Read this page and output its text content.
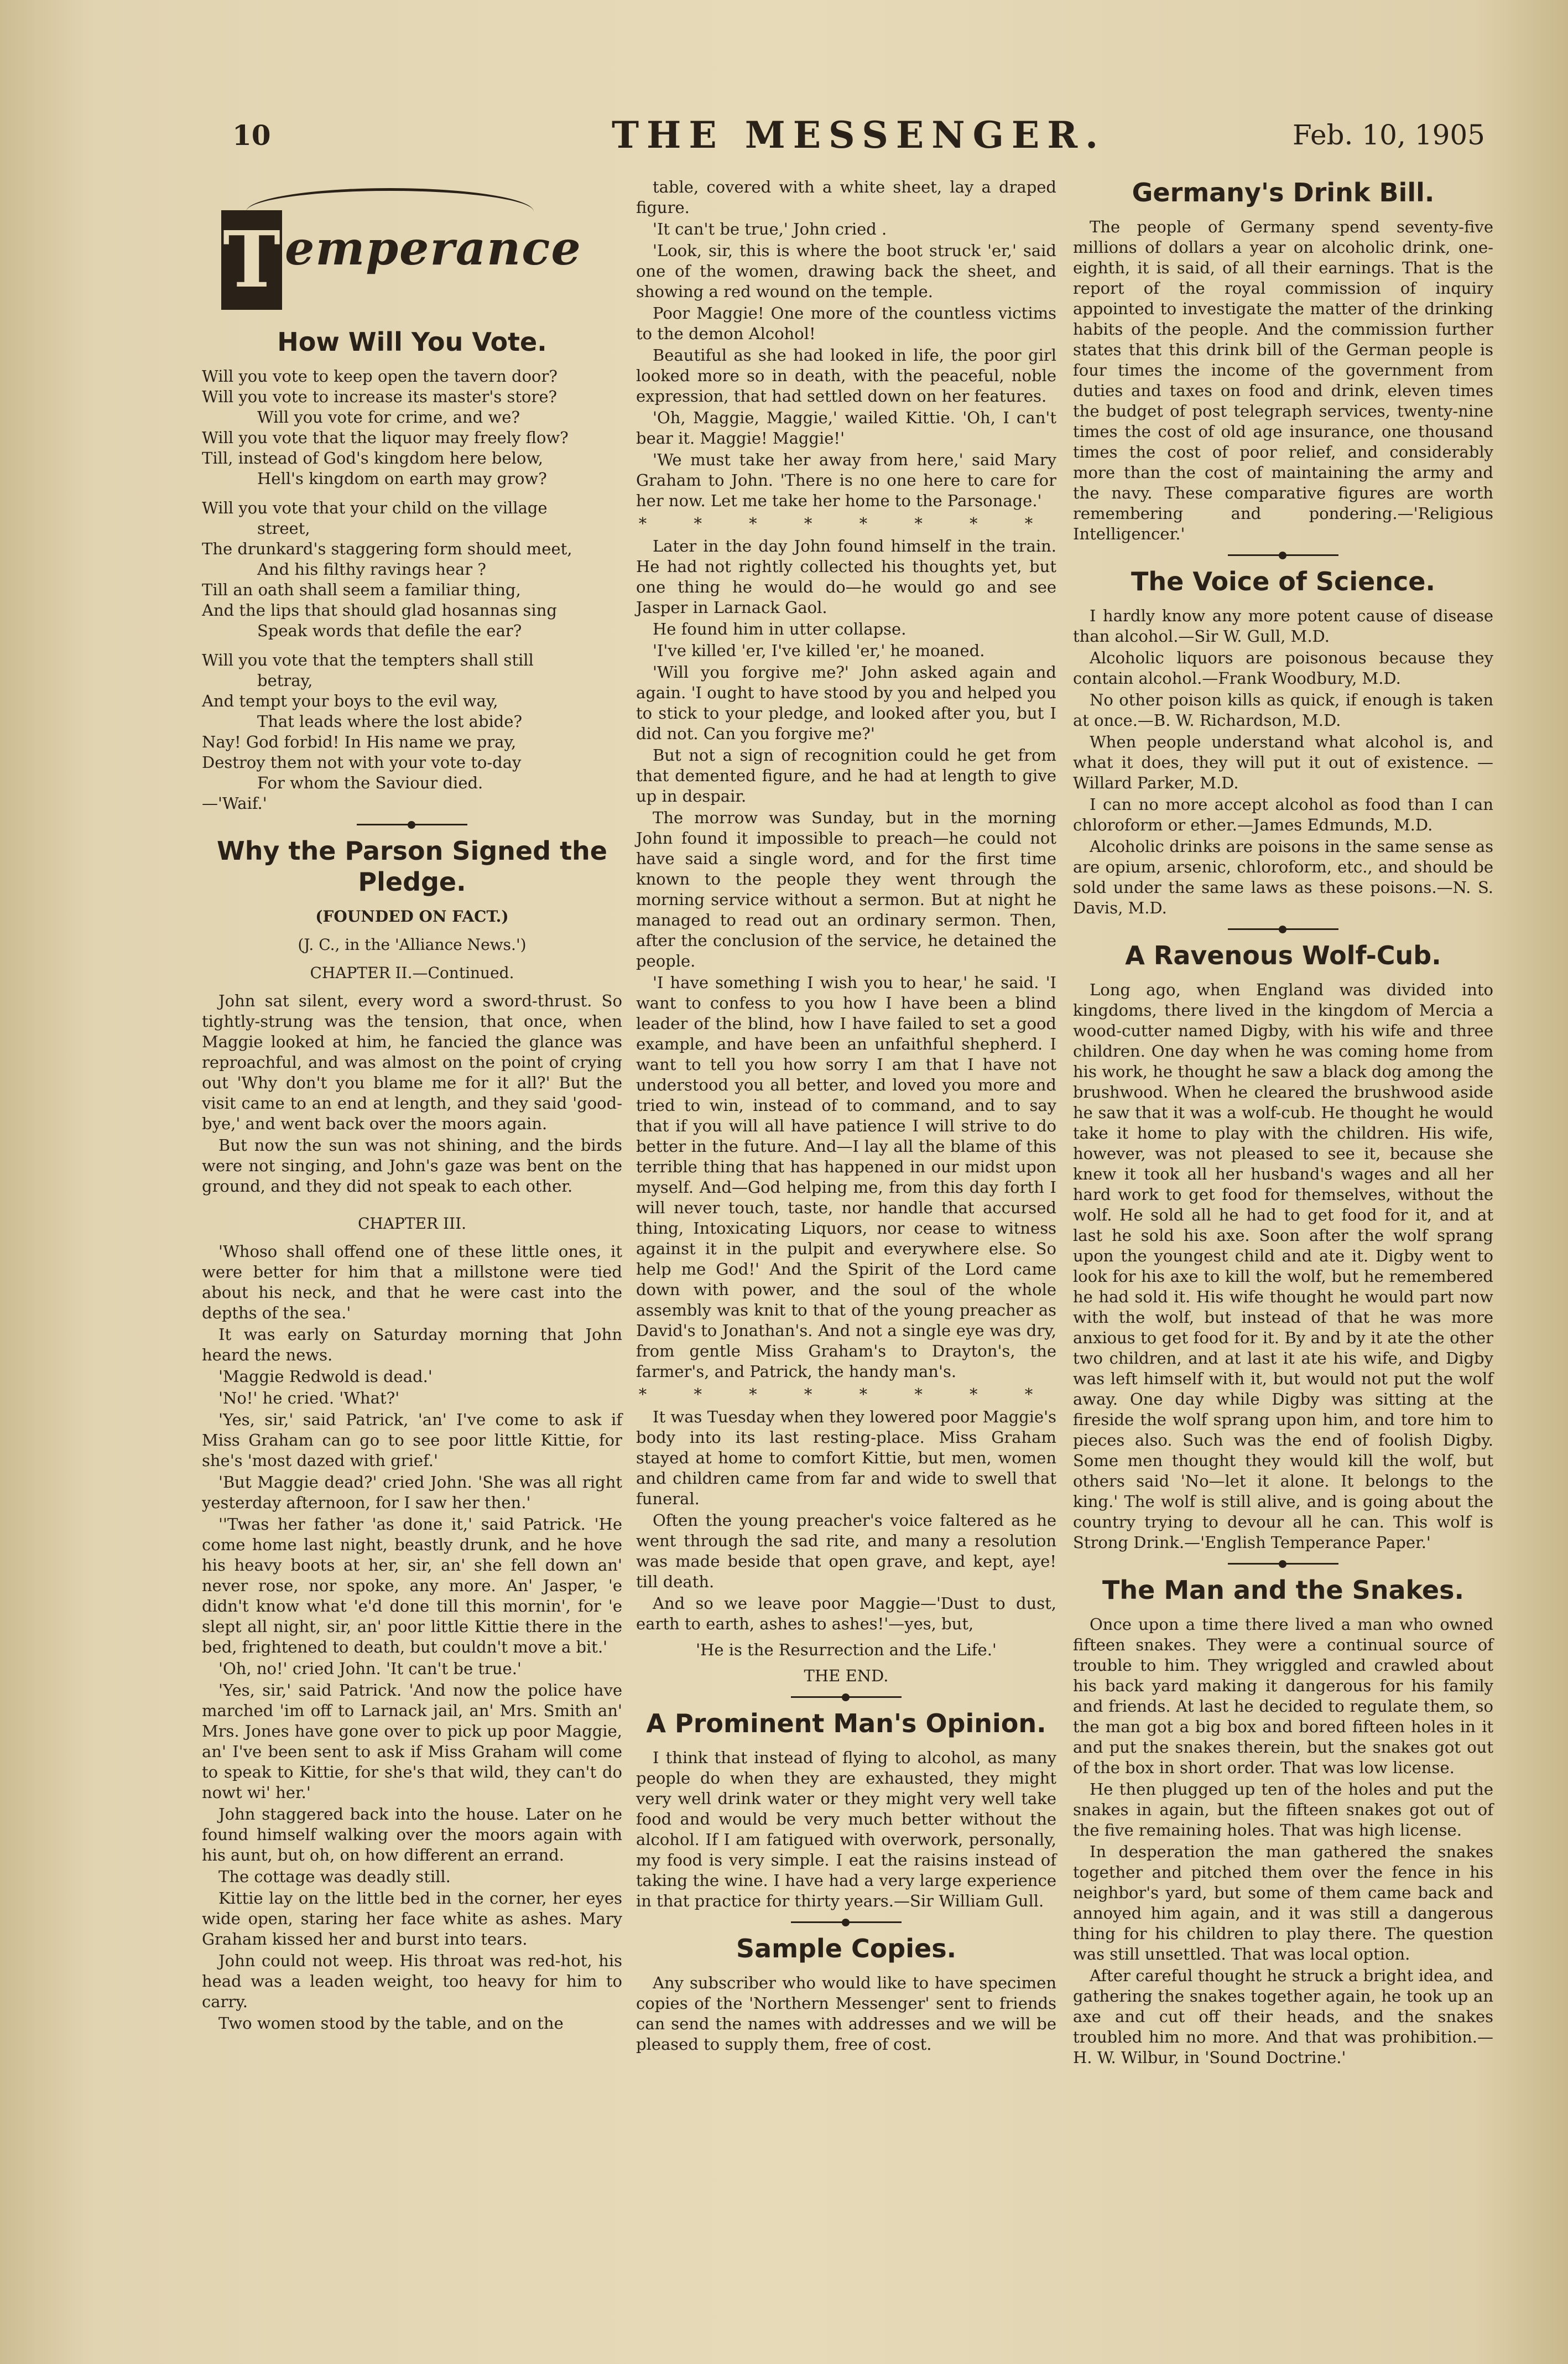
10	THE MESSENGER.	Feb. 10, 1905
T emperance
How Will You Vote.

Will you vote to keep open the tavern door?

Will you vote to increase its master's store?

Will you vote for crime, and we?

Will you vote that the liquor may freely flow?

Till, instead of God's kingdom here below,

Hell's kingdom on earth may grow?

Will you vote that your child on the village

street,

The drunkard's staggering form should meet,

And his filthy ravings hear ?

Till an oath shall seem a familiar thing,

And the lips that should glad hosannas sing

Speak words that defile the ear?

Will you vote that the tempters shall still

betray,

And tempt your boys to the evil way,

That leads where the lost abide?

Nay! God forbid! In His name we pray,

Destroy them not with your vote to-day

For whom the Saviour died.

—'Waif.'

Why the Parson Signed the Pledge.
(FOUNDED ON FACT.)
(J. C., in the 'Alliance News.')
CHAPTER II.—Continued.

John sat silent, every word a sword-thrust. So tightly-strung was the tension, that once, when Maggie looked at him, he fancied the glance was reproachful, and was almost on the point of crying out 'Why don't you blame me for it all?' But the visit came to an end at length, and they said 'good-bye,' and went back over the moors again.

But now the sun was not shining, and the birds were not singing, and John's gaze was bent on the ground, and they did not speak to each other.

CHAPTER III.

'Whoso shall offend one of these little ones, it were better for him that a millstone were tied about his neck, and that he were cast into the depths of the sea.'

It was early on Saturday morning that John heard the news.

'Maggie Redwold is dead.'

'No!' he cried. 'What?'

'Yes, sir,' said Patrick, 'an' I've come to ask if Miss Graham can go to see poor little Kittie, for she's 'most dazed with grief.'

'But Maggie dead?' cried John. 'She was all right yesterday afternoon, for I saw her then.'

''Twas her father 'as done it,' said Patrick. 'He come home last night, beastly drunk, and he hove his heavy boots at her, sir, an' she fell down an' never rose, nor spoke, any more. An' Jasper, 'e didn't know what 'e'd done till this mornin', for 'e slept all night, sir, an' poor little Kittie there in the bed, frightened to death, but couldn't move a bit.'

'Oh, no!' cried John. 'It can't be true.'

'Yes, sir,' said Patrick. 'And now the police have marched 'im off to Larnack jail, an' Mrs. Smith an' Mrs. Jones have gone over to pick up poor Maggie, an' I've been sent to ask if Miss Graham will come to speak to Kittie, for she's that wild, they can't do nowt wi' her.'

John staggered back into the house. Later on he found himself walking over the moors again with his aunt, but oh, on how different an errand.

The cottage was deadly still.

Kittie lay on the little bed in the corner, her eyes wide open, staring her face white as ashes. Mary Graham kissed her and burst into tears.

John could not weep. His throat was red-hot, his head was a leaden weight, too heavy for him to carry.

Two women stood by the table, and on the

table, covered with a white sheet, lay a draped figure.

'It can't be true,' John cried .

'Look, sir, this is where the boot struck 'er,' said one of the women, drawing back the sheet, and showing a red wound on the temple.

Poor Maggie! One more of the countless victims to the demon Alcohol!

Beautiful as she had looked in life, the poor girl looked more so in death, with the peaceful, noble expression, that had settled down on her features.

'Oh, Maggie, Maggie,' wailed Kittie. 'Oh, I can't bear it. Maggie! Maggie!'

'We must take her away from here,' said Mary Graham to John. 'There is no one here to care for her now. Let me take her home to the Parsonage.'

* * * * * * * *

Later in the day John found himself in the train. He had not rightly collected his thoughts yet, but one thing he would do—he would go and see Jasper in Larnack Gaol.

He found him in utter collapse.

'I've killed 'er, I've killed 'er,' he moaned.

'Will you forgive me?' John asked again and again. 'I ought to have stood by you and helped you to stick to your pledge, and looked after you, but I did not. Can you forgive me?'

But not a sign of recognition could he get from that demented figure, and he had at length to give up in despair.

The morrow was Sunday, but in the morning John found it impossible to preach—he could not have said a single word, and for the first time known to the people they went through the morning service without a sermon. But at night he managed to read out an ordinary sermon. Then, after the conclusion of the service, he detained the people.

'I have something I wish you to hear,' he said. 'I want to confess to you how I have been a blind leader of the blind, how I have failed to set a good example, and have been an unfaithful shepherd. I want to tell you how sorry I am that I have not understood you all better, and loved you more and tried to win, instead of to command, and to say that if you will all have patience I will strive to do better in the future. And—I lay all the blame of this terrible thing that has happened in our midst upon myself. And—God helping me, from this day forth I will never touch, taste, nor handle that accursed thing, Intoxicating Liquors, nor cease to witness against it in the pulpit and everywhere else. So help me God!' And the Spirit of the Lord came down with power, and the soul of the whole assembly was knit to that of the young preacher as David's to Jonathan's. And not a single eye was dry, from gentle Miss Graham's to Drayton's, the farmer's, and Patrick, the handy man's.

* * * * * * * *

It was Tuesday when they lowered poor Maggie's body into its last resting-place. Miss Graham stayed at home to comfort Kittie, but men, women and children came from far and wide to swell that funeral.

Often the young preacher's voice faltered as he went through the sad rite, and many a resolution was made beside that open grave, and kept, aye! till death.

And so we leave poor Maggie—'Dust to dust, earth to earth, ashes to ashes!'—yes, but,

'He is the Resurrection and the Life.'

THE END.

A Prominent Man's Opinion.

I think that instead of flying to alcohol, as many people do when they are exhausted, they might very well drink water or they might very well take food and would be very much better without the alcohol. If I am fatigued with overwork, personally, my food is very simple. I eat the raisins instead of taking the wine. I have had a very large experience in that practice for thirty years.—Sir William Gull.

Sample Copies.

Any subscriber who would like to have specimen copies of the 'Northern Messenger' sent to friends can send the names with addresses and we will be pleased to supply them, free of cost.

Germany's Drink Bill.

The people of Germany spend seventy-five millions of dollars a year on alcoholic drink, one-eighth, it is said, of all their earnings. That is the report of the royal commission of inquiry appointed to investigate the matter of the drinking habits of the people. And the commission further states that this drink bill of the German people is four times the income of the government from duties and taxes on food and drink, eleven times the budget of post telegraph services, twenty-nine times the cost of old age insurance, one thousand times the cost of poor relief, and considerably more than the cost of maintaining the army and the navy. These comparative figures are worth remembering and pondering.—'Religious Intelligencer.'

The Voice of Science.

I hardly know any more potent cause of disease than alcohol.—Sir W. Gull, M.D.

Alcoholic liquors are poisonous because they contain alcohol.—Frank Woodbury, M.D.

No other poison kills as quick, if enough is taken at once.—B. W. Richardson, M.D.

When people understand what alcohol is, and what it does, they will put it out of existence. —Willard Parker, M.D.

I can no more accept alcohol as food than I can chloroform or ether.—James Edmunds, M.D.

Alcoholic drinks are poisons in the same sense as are opium, arsenic, chloroform, etc., and should be sold under the same laws as these poisons.—N. S. Davis, M.D.

A Ravenous Wolf-Cub.

Long ago, when England was divided into kingdoms, there lived in the kingdom of Mercia a wood-cutter named Digby, with his wife and three children. One day when he was coming home from his work, he thought he saw a black dog among the brushwood. When he cleared the brushwood aside he saw that it was a wolf-cub. He thought he would take it home to play with the children. His wife, however, was not pleased to see it, because she knew it took all her husband's wages and all her hard work to get food for themselves, without the wolf. He sold all he had to get food for it, and at last he sold his axe. Soon after the wolf sprang upon the youngest child and ate it. Digby went to look for his axe to kill the wolf, but he remembered he had sold it. His wife thought he would part now with the wolf, but instead of that he was more anxious to get food for it. By and by it ate the other two children, and at last it ate his wife, and Digby was left himself with it, but would not put the wolf away. One day while Digby was sitting at the fireside the wolf sprang upon him, and tore him to pieces also. Such was the end of foolish Digby. Some men thought they would kill the wolf, but others said 'No—let it alone. It belongs to the king.' The wolf is still alive, and is going about the country trying to devour all he can. This wolf is Strong Drink.—'English Temperance Paper.'

The Man and the Snakes.

Once upon a time there lived a man who owned fifteen snakes. They were a continual source of trouble to him. They wriggled and crawled about his back yard making it dangerous for his family and friends. At last he decided to regulate them, so the man got a big box and bored fifteen holes in it and put the snakes therein, but the snakes got out of the box in short order. That was low license.

He then plugged up ten of the holes and put the snakes in again, but the fifteen snakes got out of the five remaining holes. That was high license.

In desperation the man gathered the snakes together and pitched them over the fence in his neighbor's yard, but some of them came back and annoyed him again, and it was still a dangerous thing for his children to play there. The question was still unsettled. That was local option.

After careful thought he struck a bright idea, and gathering the snakes together again, he took up an axe and cut off their heads, and the snakes troubled him no more. And that was prohibition.—H. W. Wilbur, in 'Sound Doctrine.'
